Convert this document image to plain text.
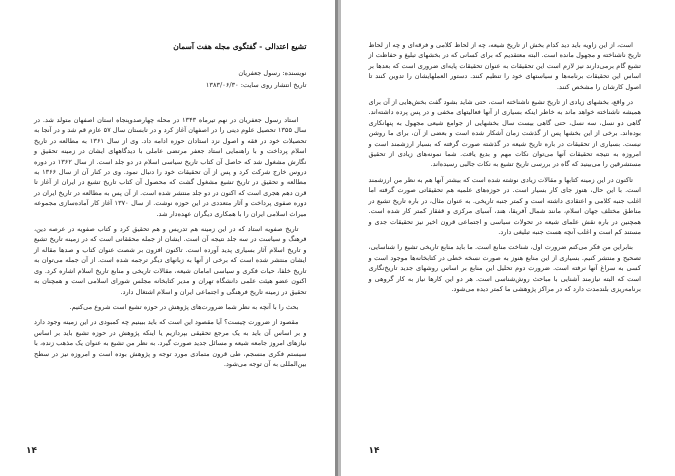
تشیع اعتدالی - گفتگوی مجله هفت آسمان
نویسنده: رسول جعفریان
تاریخ انتشار روی سایت: ۱۳۸۳/۰۶/۳۰

استاد رسول جعفریان در نهم تیرماه ۱۳۴۳ در محله چهارصدوپنجاه استان اصفهان متولد شد. در سال ۱۳۵۵ تحصیل علوم دینی را در اصفهان آغاز کرد و در تابستان سال ۵۷ عازم قم شد و در آنجا به تحصیلات خود در فقه و اصول نزد استادان حوزه ادامه داد. وی از سال ۱۳۶۱ به مطالعه در تاریخ اسلام پرداخت و با راهنمایی استاد جعفر مرتضی عاملی با دیدگاههای ایشان در زمینه تحقیق و نگارش مشغول شد که حاصل آن کتاب تاریخ سیاسی اسلام در دو جلد است. از سال ۱۳۶۲ در دوره دروس خارج شرکت کرد و پس از آن تحقیقات خود را دنبال نمود. وی در کنار آن از سال ۱۳۶۶ به مطالعه و تحقیق در تاریخ تشیع مشغول گشت که محصول آن کتاب تاریخ تشیع در ایران از آغاز تا قرن دهم هجری است که اکنون در دو جلد منتشر شده است. از آن پس به مطالعه در تاریخ ایران در دوره صفوی پرداخت و آثار متعددی در این حوزه نوشت. از سال ۱۳۷۰ آغاز کار آماده‌سازی مجموعه میراث اسلامی ایران را با همکاری دیگران عهده‌دار شد.

تاریخ صفویه استاد که در این زمینه هم تدریس و هم تحقیق کرد و کتاب صفویه در عرصه دین، فرهنگ و سیاست در سه جلد نتیجه آن است. ایشان از جمله محققانی است که در زمینه تاریخ تشیع و تاریخ اسلام آثار بسیاری پدید آورده است. تاکنون افزون بر شصت عنوان کتاب و صدها مقاله از ایشان منتشر شده است که برخی از آنها به زبانهای دیگر ترجمه شده است. از آن جمله می‌توان به تاریخ خلفا، حیات فکری و سیاسی امامان شیعه، مقالات تاریخی و منابع تاریخ اسلام اشاره کرد. وی اکنون عضو هیئت علمی دانشگاه تهران و مدیر کتابخانه مجلس شورای اسلامی است و همچنان به تحقیق در زمینه تاریخ فرهنگی و اجتماعی ایران و اسلام اشتغال دارد.

بحث را با آنچه به نظر شما ضرورت‌های پژوهش در حوزه تشیع است شروع می‌کنیم.

مقصود از ضرورت چیست؟ آیا مقصود این است که باید ببینیم چه کمبودی در این زمینه وجود دارد و بر اساس آن باید به یک مرجع تحقیقی بپردازیم یا اینکه پژوهش در حوزه تشیع باید بر اساس نیازهای امروز جامعه شیعه و مسائل جدید صورت گیرد. به نظر من تشیع به عنوان یک مذهب زنده، با سیستم فکری منسجم، طی قرون متمادی مورد توجه و پژوهش بوده است و امروزه نیز در سطح بین‌المللی به آن توجه می‌شود.

۱۴

است، از این زاویه باید دید کدام بخش از تاریخ شیعه، چه از لحاظ کلامی و فرقه‌ای و چه از لحاظ تاریخ ناشناخته و مجهول مانده است. البته معتقدیم که برای کسانی که در بخشهای تبلیغ و حفاظت از تشیع گام برمی‌دارند نیز لازم است این تحقیقات به عنوان تحقیقات پایه‌ای ضروری است که بعدها بر اساس این تحقیقات برنامه‌ها و سیاستهای خود را تنظیم کنند. دستور العملهایشان را تدوین کنند تا اصول کارشان را مشخص کنند.

در واقع، بخشهای زیادی از تاریخ تشیع ناشناخته است، حتی شاید بشود گفت بخش‌هایی از آن برای همیشه ناشناخته خواهد ماند به خاطر اینکه بسیاری از آنها فعالیتهای مخفی و در پس پرده داشته‌اند. گاهی دو نسل، سه نسل، حتی گاهی بیست سال بخشهایی از جوامع شیعی مجهول به پنهانکاری بوده‌اند. برخی از این بخشها پس از گذشت زمان آشکار شده است و بعضی از آن، برای ما روشن نیست. بسیاری از تحقیقات در باره تاریخ شیعه در گذشته صورت گرفته که بسیار ارزشمند است و امروزه به نتیجه تحقیقات آنها می‌توان نکات مهم و بدیع یافت. شما نمونه‌های زیادی از تحقیق مستشرقین را می‌بینید که گاه در بررسی تاریخ تشیع به نکات جالبی رسیده‌اند.

تاکنون در این زمینه کتابها و مقالات زیادی نوشته شده است که بیشتر آنها هم به نظر من ارزشمند است. با این حال، هنوز جای کار بسیار است. در حوزه‌های علمیه هم تحقیقاتی صورت گرفته اما اغلب جنبه کلامی و اعتقادی داشته است و کمتر جنبه تاریخی. به عنوان مثال، در باره تاریخ تشیع در مناطق مختلف جهان اسلام، مانند شمال آفریقا، هند، آسیای مرکزی و قفقاز کمتر کار شده است. همچنین در باره نقش علمای شیعه در تحولات سیاسی و اجتماعی قرون اخیر نیز تحقیقات جدی و مستند کم است و اغلب آنچه هست جنبه تبلیغی دارد.

بنابراین من فکر می‌کنم ضرورت اول، شناخت منابع است. ما باید منابع تاریخی تشیع را شناسایی، تصحیح و منتشر کنیم. بسیاری از این منابع هنوز به صورت نسخه خطی در کتابخانه‌ها موجود است و کسی به سراغ آنها نرفته است. ضرورت دوم تحلیل این منابع بر اساس روشهای جدید تاریخ‌نگاری است که البته نیازمند آشنایی با مباحث روش‌شناسی است. هر دو این کارها نیاز به کار گروهی و برنامه‌ریزی بلندمدت دارد که در مراکز پژوهشی ما کمتر دیده می‌شود.

۱۴
